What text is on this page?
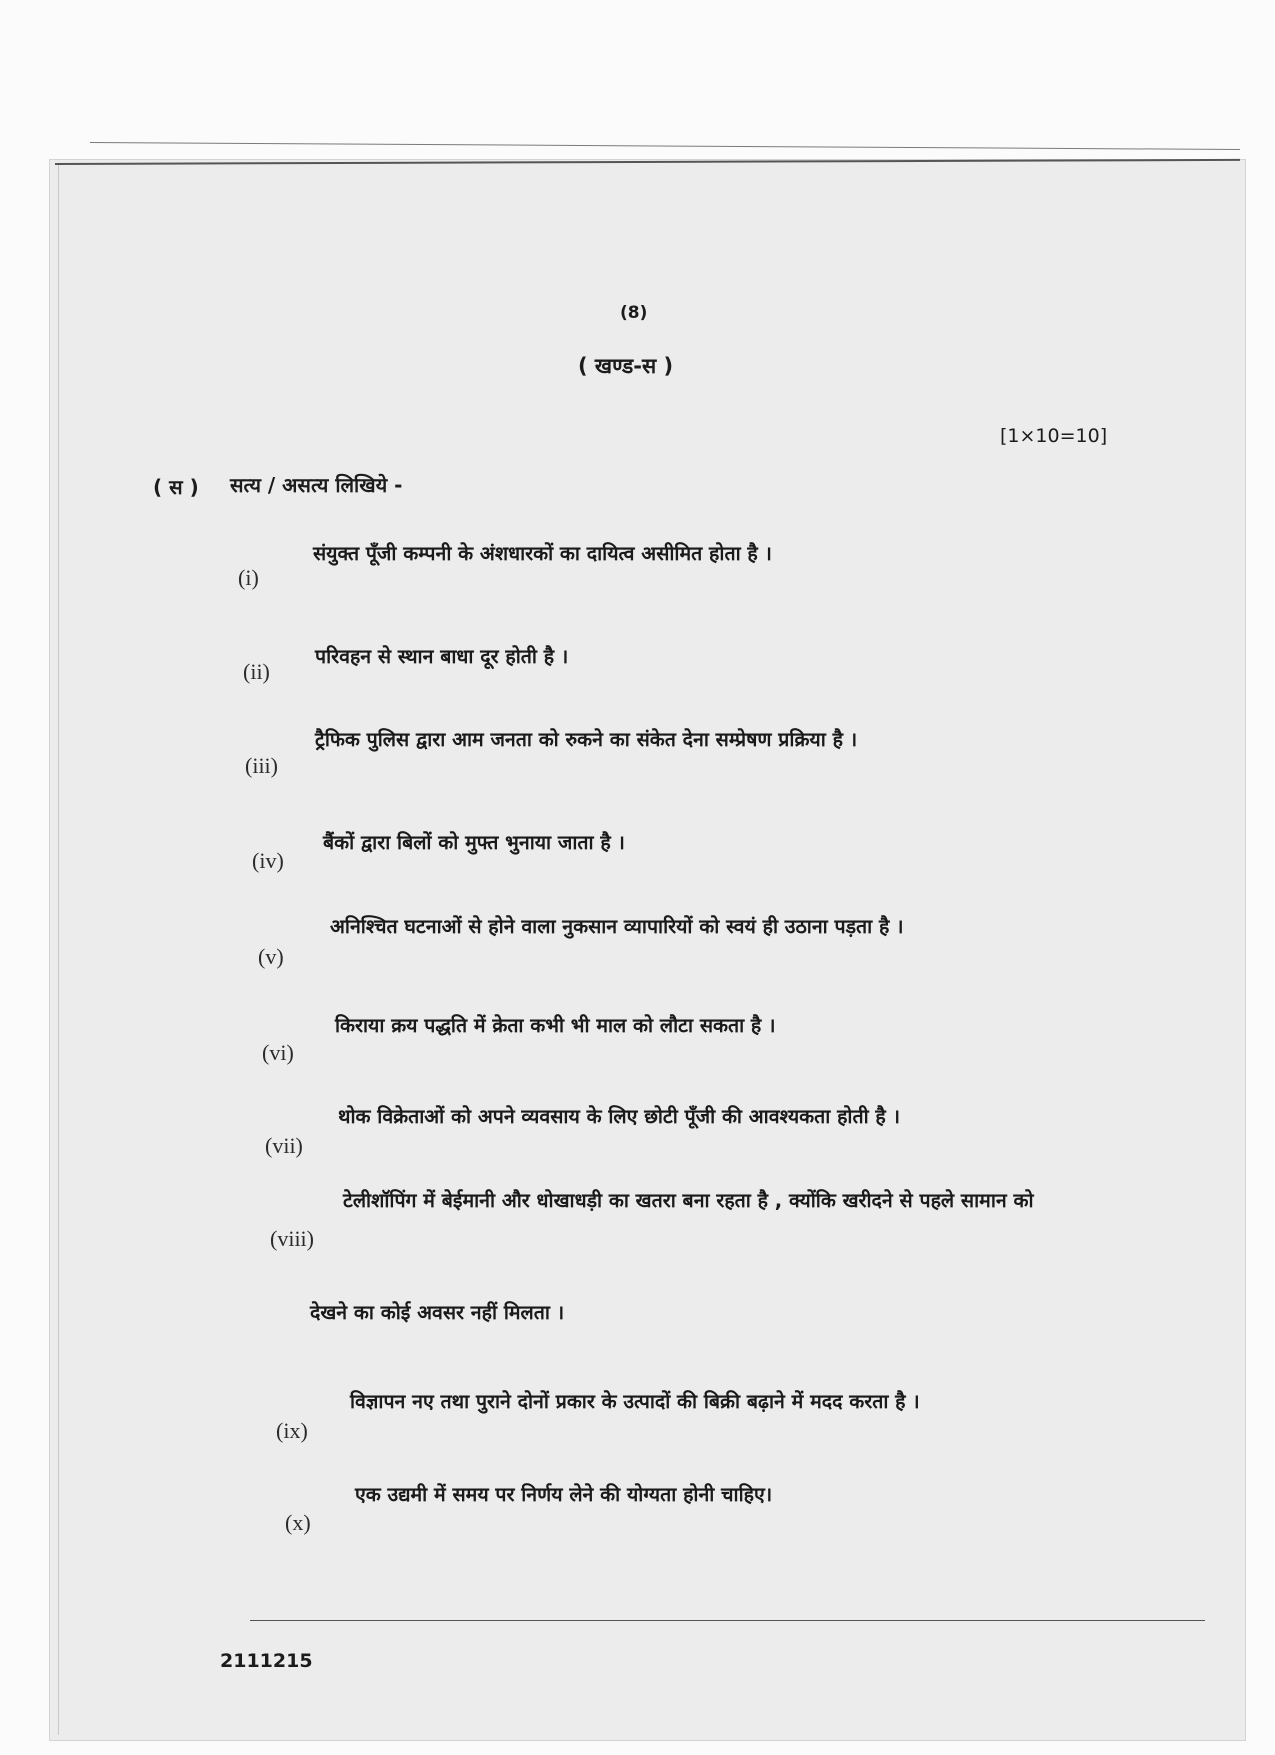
(8)
( खण्ड-स )
[1×10=10]
( स ) सत्य / असत्य लिखिये -
(i)
संयुक्त पूँजी कम्पनी के अंशधारकों का दायित्व असीमित होता है ।
(ii)
परिवहन से स्थान बाधा दूर होती है ।
(iii)
ट्रैफिक पुलिस द्वारा आम जनता को रुकने का संकेत देना सम्प्रेषण प्रक्रिया है ।
(iv)
बैंकों द्वारा बिलों को मुफ्त भुनाया जाता है ।
(v)
अनिश्चित घटनाओं से होने वाला नुकसान व्यापारियों को स्वयं ही उठाना पड़ता है ।
(vi)
किराया क्रय पद्धति में क्रेता कभी भी माल को लौटा सकता है ।
(vii)
थोक विक्रेताओं को अपने व्यवसाय के लिए छोटी पूँजी की आवश्यकता होती है ।
(viii)
टेलीशॉपिंग में बेईमानी और धोखाधड़ी का खतरा बना रहता है , क्योंकि खरीदने से पहले सामान को
देखने का कोई अवसर नहीं मिलता ।
(ix)
विज्ञापन नए तथा पुराने दोनों प्रकार के उत्पादों की बिक्री बढ़ाने में मदद करता है ।
(x)
एक उद्यमी में समय पर निर्णय लेने की योग्यता होनी चाहिए।
2111215
